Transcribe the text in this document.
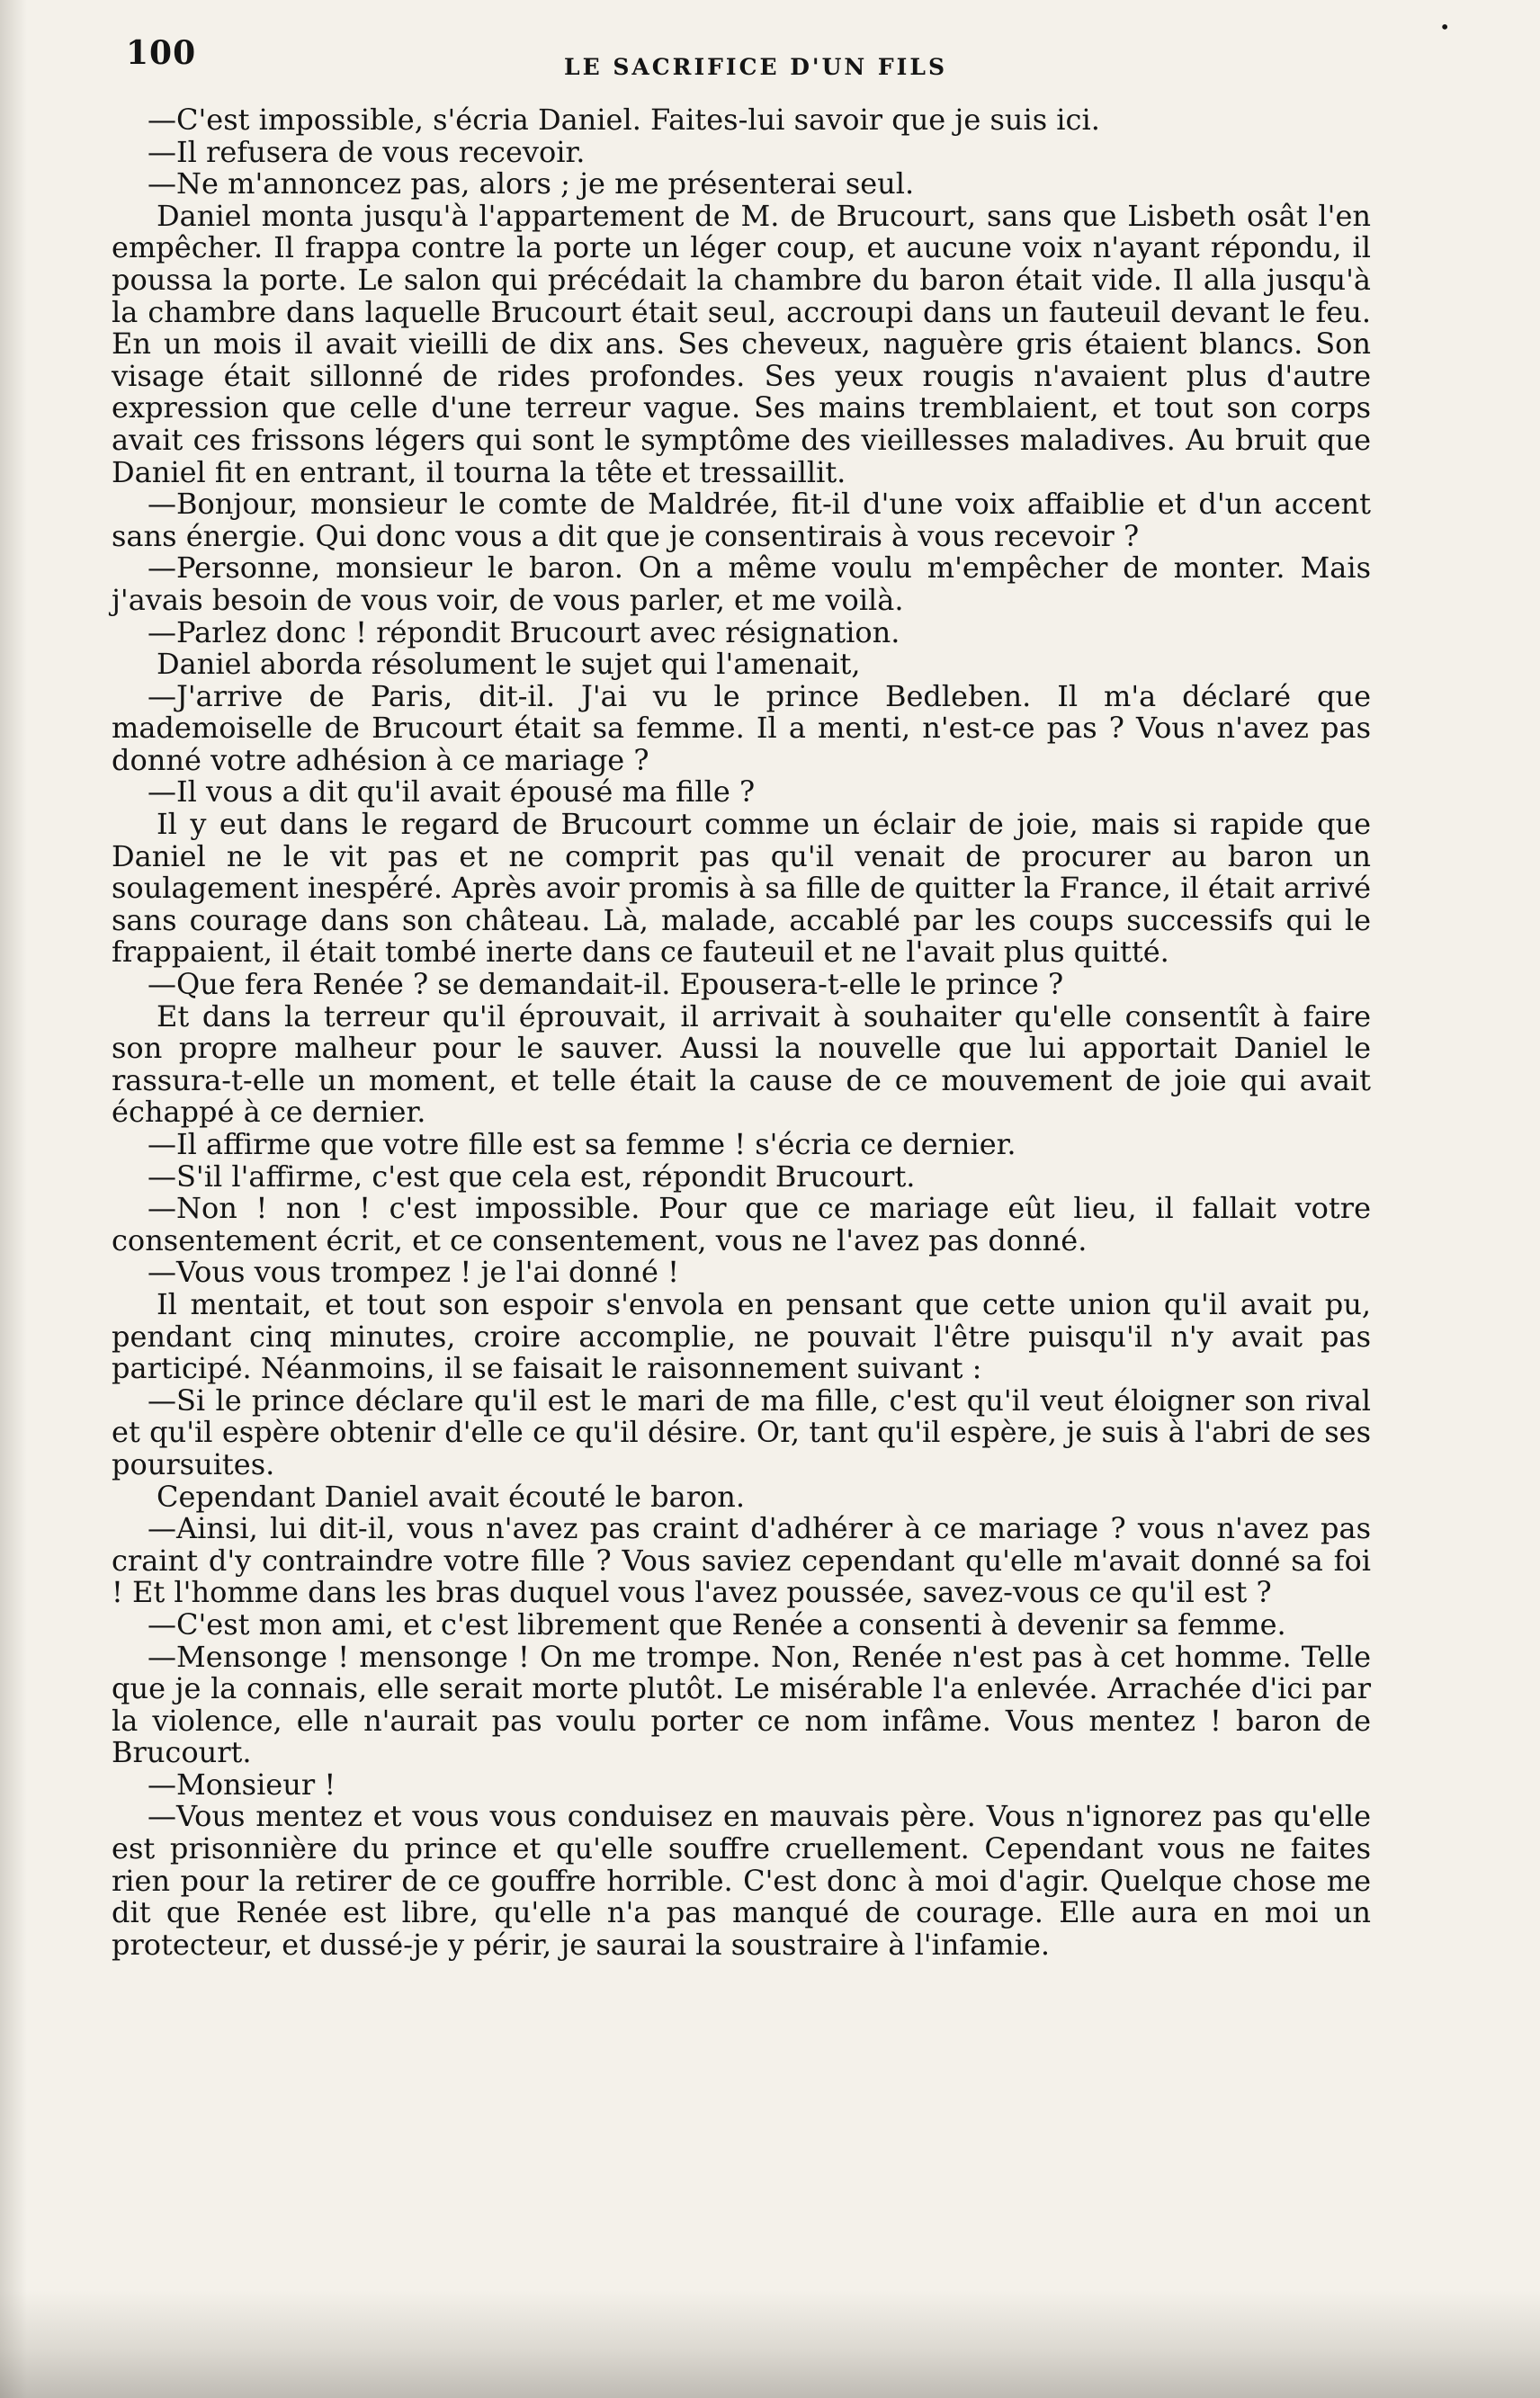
100	LE SACRIFICE D'UN FILS
•

—C'est impossible, s'écria Daniel. Faites-lui savoir que je suis ici.

—Il refusera de vous recevoir.

—Ne m'annoncez pas, alors ; je me présenterai seul.

Daniel monta jusqu'à l'appartement de M. de Brucourt, sans que Lisbeth osât l'en empêcher. Il frappa contre la porte un léger coup, et aucune voix n'ayant répondu, il poussa la porte. Le salon qui précédait la chambre du baron était vide. Il alla jusqu'à la chambre dans laquelle Brucourt était seul, accroupi dans un fauteuil devant le feu. En un mois il avait vieilli de dix ans. Ses cheveux, naguère gris étaient blancs. Son visage était sillonné de rides profondes. Ses yeux rougis n'avaient plus d'autre expression que celle d'une terreur vague. Ses mains tremblaient, et tout son corps avait ces frissons légers qui sont le symptôme des vieillesses maladives. Au bruit que Daniel fit en entrant, il tourna la tête et tressaillit.

—Bonjour, monsieur le comte de Maldrée, fit-il d'une voix affaiblie et d'un accent sans énergie. Qui donc vous a dit que je consentirais à vous recevoir ?

—Personne, monsieur le baron. On a même voulu m'empêcher de monter. Mais j'avais besoin de vous voir, de vous parler, et me voilà.

—Parlez donc ! répondit Brucourt avec résignation.

Daniel aborda résolument le sujet qui l'amenait,

—J'arrive de Paris, dit-il. J'ai vu le prince Bedleben. Il m'a déclaré que mademoiselle de Brucourt était sa femme. Il a menti, n'est-ce pas ? Vous n'avez pas donné votre adhésion à ce mariage ?

—Il vous a dit qu'il avait épousé ma fille ?

Il y eut dans le regard de Brucourt comme un éclair de joie, mais si rapide que Daniel ne le vit pas et ne comprit pas qu'il venait de procurer au baron un soulagement inespéré. Après avoir promis à sa fille de quitter la France, il était arrivé sans courage dans son château. Là, malade, accablé par les coups successifs qui le frappaient, il était tombé inerte dans ce fauteuil et ne l'avait plus quitté.

—Que fera Renée ? se demandait-il. Epousera-t-elle le prince ?

Et dans la terreur qu'il éprouvait, il arrivait à souhaiter qu'elle consentît à faire son propre malheur pour le sauver. Aussi la nouvelle que lui apportait Daniel le rassura-t-elle un moment, et telle était la cause de ce mouvement de joie qui avait échappé à ce dernier.

—Il affirme que votre fille est sa femme ! s'écria ce dernier.

—S'il l'affirme, c'est que cela est, répondit Brucourt.

—Non ! non ! c'est impossible. Pour que ce mariage eût lieu, il fallait votre consentement écrit, et ce consentement, vous ne l'avez pas donné.

—Vous vous trompez ! je l'ai donné !

Il mentait, et tout son espoir s'envola en pensant que cette union qu'il avait pu, pendant cinq minutes, croire accomplie, ne pouvait l'être puisqu'il n'y avait pas participé. Néanmoins, il se faisait le raisonnement suivant :

—Si le prince déclare qu'il est le mari de ma fille, c'est qu'il veut éloigner son rival et qu'il espère obtenir d'elle ce qu'il désire. Or, tant qu'il espère, je suis à l'abri de ses poursuites.

Cependant Daniel avait écouté le baron.

—Ainsi, lui dit-il, vous n'avez pas craint d'adhérer à ce mariage ? vous n'avez pas craint d'y contraindre votre fille ? Vous saviez cependant qu'elle m'avait donné sa foi ! Et l'homme dans les bras duquel vous l'avez poussée, savez-vous ce qu'il est ?

—C'est mon ami, et c'est librement que Renée a consenti à devenir sa femme.

—Mensonge ! mensonge ! On me trompe. Non, Renée n'est pas à cet homme. Telle que je la connais, elle serait morte plutôt. Le misérable l'a enlevée. Arrachée d'ici par la violence, elle n'aurait pas voulu porter ce nom infâme. Vous mentez ! baron de Brucourt.

—Monsieur !

—Vous mentez et vous vous conduisez en mauvais père. Vous n'ignorez pas qu'elle est prisonnière du prince et qu'elle souffre cruellement. Cependant vous ne faites rien pour la retirer de ce gouffre horrible. C'est donc à moi d'agir. Quelque chose me dit que Renée est libre, qu'elle n'a pas manqué de courage. Elle aura en moi un protecteur, et dussé-je y périr, je saurai la soustraire à l'infamie.
